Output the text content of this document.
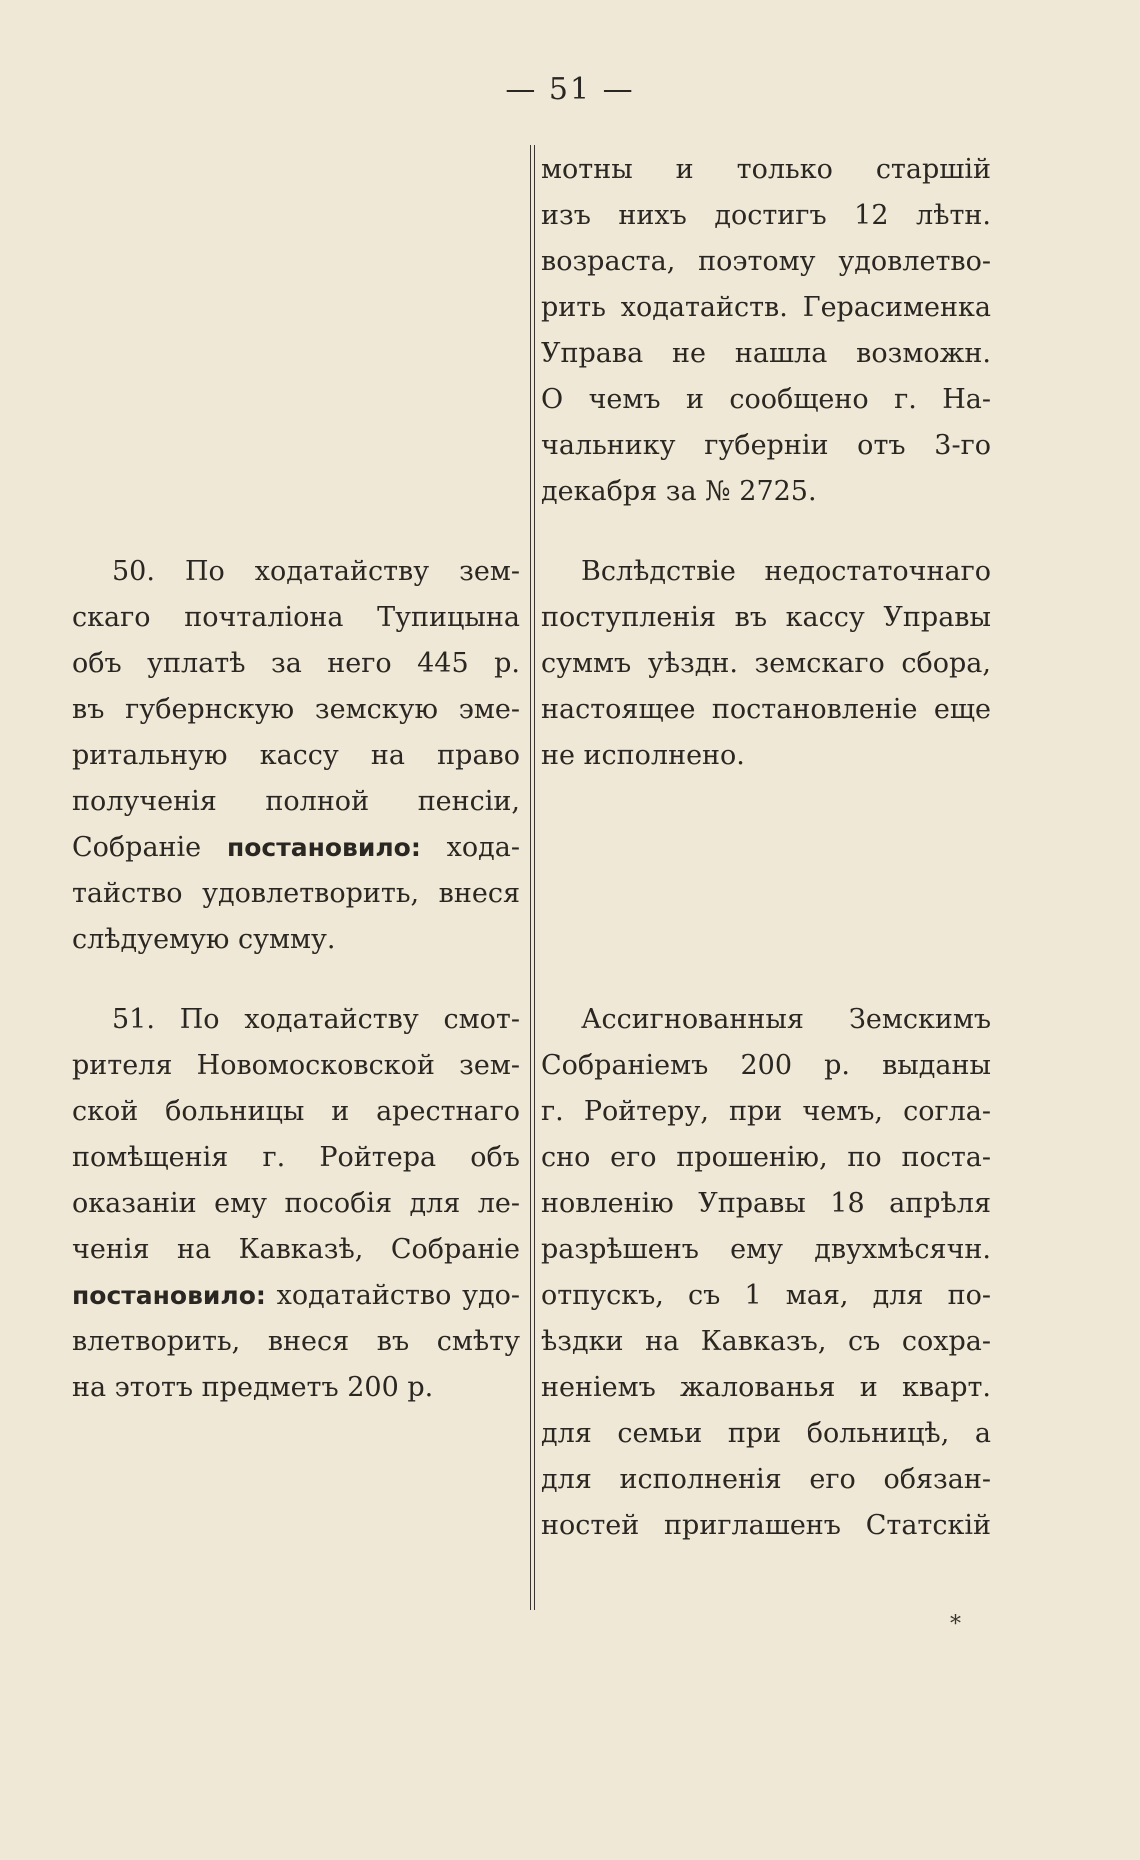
— 51 —

50. По ходатайству зем-

скаго почталіона Тупицына

объ уплатѣ за него 445 р.

въ губернскую земскую эме-

ритальную кассу на право

полученія полной пенсіи,

Собраніе постановило: хода-

тайство удовлетворить, внеся

слѣдуемую сумму.

51. По ходатайству смот-

рителя Новомосковской зем-

ской больницы и арестнаго

помѣщенія г. Ройтера объ

оказаніи ему пособія для ле-

ченія на Кавказѣ, Собраніе

постановило: ходатайство удо-

влетворить, внеся въ смѣту

на этотъ предметъ 200 р.

мотны и только старшій

изъ нихъ достигъ 12 лѣтн.

возраста, поэтому удовлетво-

рить ходатайств. Герасименка

Управа не нашла возможн.

О чемъ и сообщено г. На-

чальнику губерніи отъ 3-го

декабря за № 2725.

Вслѣдствіе недостаточнаго

поступленія въ кассу Управы

суммъ уѣздн. земскаго сбора,

настоящее постановленіе еще

не исполнено.

Ассигнованныя Земскимъ

Собраніемъ 200 р. выданы

г. Ройтеру, при чемъ, согла-

сно его прошенію, по поста-

новленію Управы 18 апрѣля

разрѣшенъ ему двухмѣсячн.

отпускъ, съ 1 мая, для по-

ѣздки на Кавказъ, съ сохра-

неніемъ жалованья и кварт.

для семьи при больницѣ, а

для исполненія его обязан-

ностей приглашенъ Статскій

*
